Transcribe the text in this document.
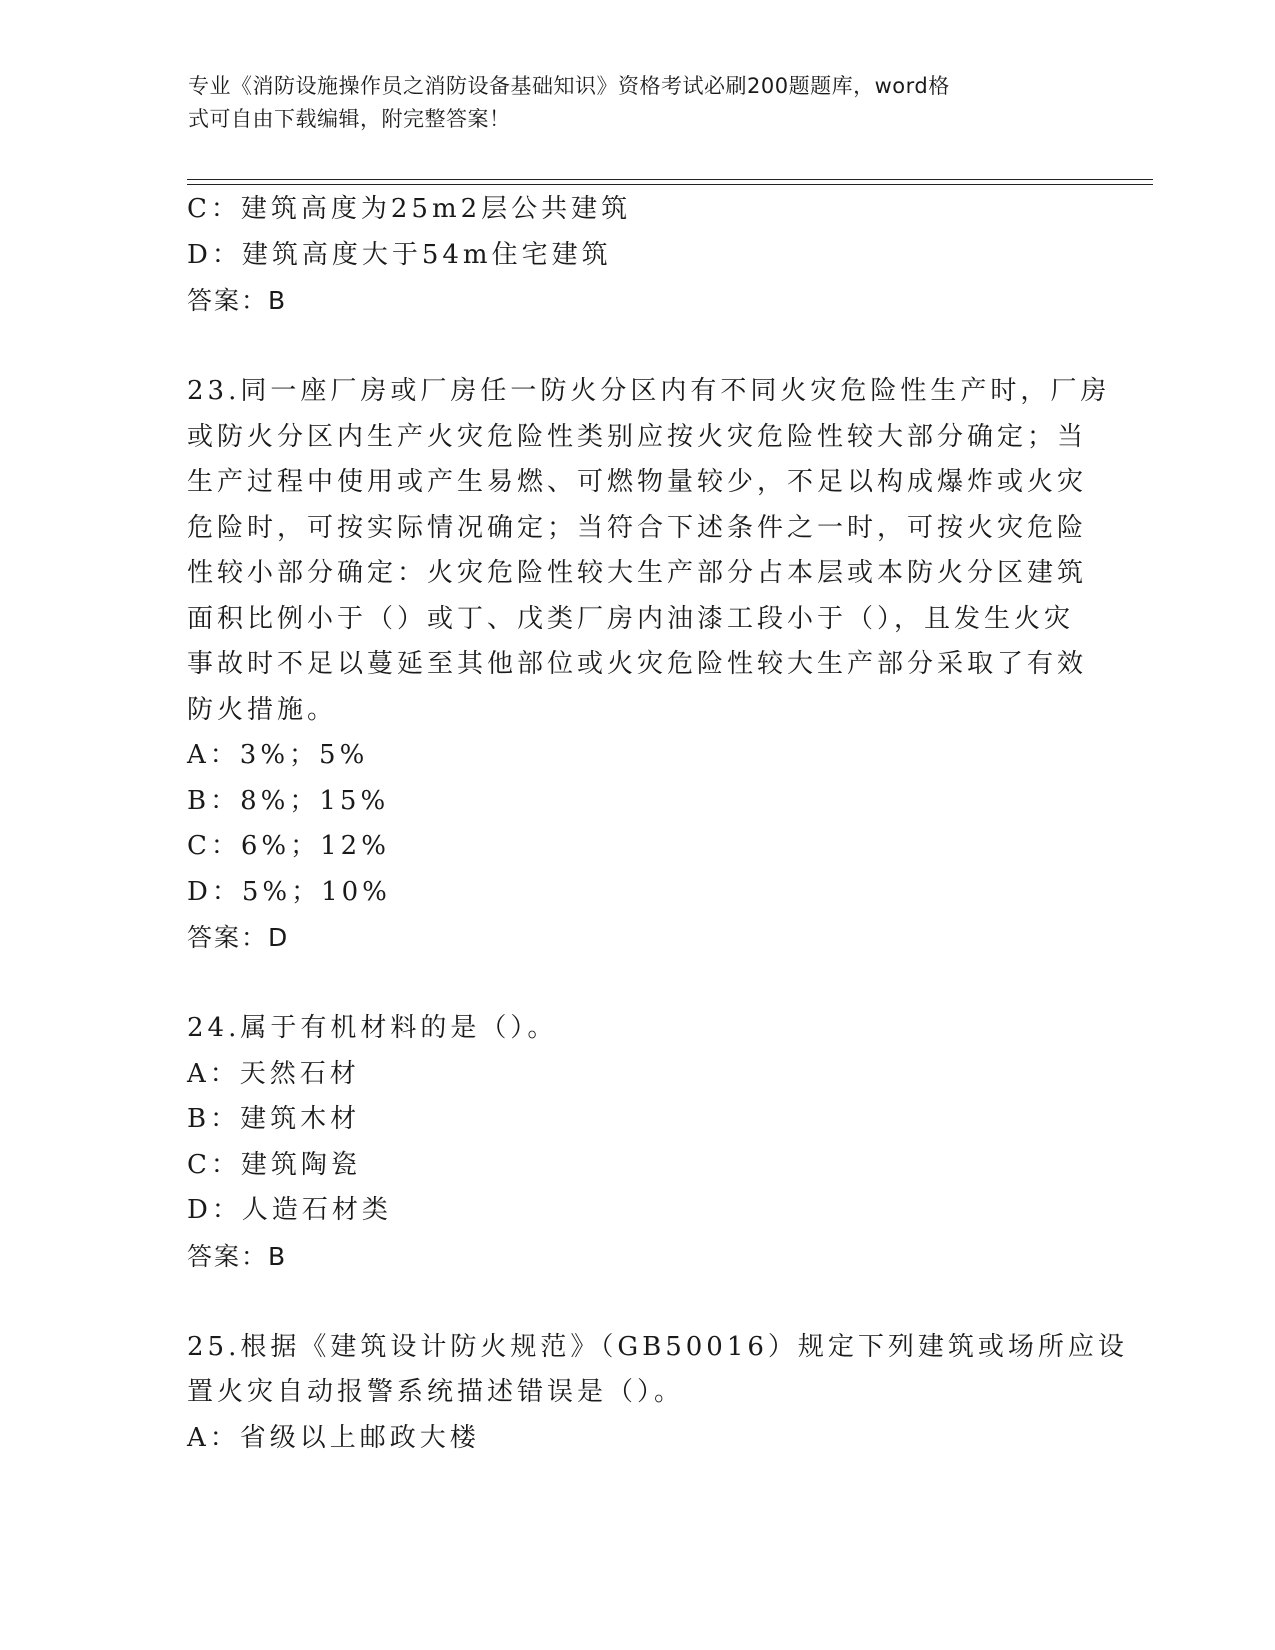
专业《消防设施操作员之消防设备基础知识》资格考试必刷200题题库，word格
式可自由下载编辑，附完整答案！
C：建筑高度为25m2层公共建筑
D：建筑高度大于54m住宅建筑
答案：B
23.同一座厂房或厂房任一防火分区内有不同火灾危险性生产时，厂房
或防火分区内生产火灾危险性类别应按火灾危险性较大部分确定；当
生产过程中使用或产生易燃、可燃物量较少，不足以构成爆炸或火灾
危险时，可按实际情况确定；当符合下述条件之一时，可按火灾危险
性较小部分确定：火灾危险性较大生产部分占本层或本防火分区建筑
面积比例小于（）或丁、戊类厂房内油漆工段小于（），且发生火灾
事故时不足以蔓延至其他部位或火灾危险性较大生产部分采取了有效
防火措施。
A：3%；5%
B：8%；15%
C：6%；12%
D：5%；10%
答案：D
24.属于有机材料的是（）。
A：天然石材
B：建筑木材
C：建筑陶瓷
D：人造石材类
答案：B
25.根据《建筑设计防火规范》（GB50016）规定下列建筑或场所应设
置火灾自动报警系统描述错误是（）。
A：省级以上邮政大楼
